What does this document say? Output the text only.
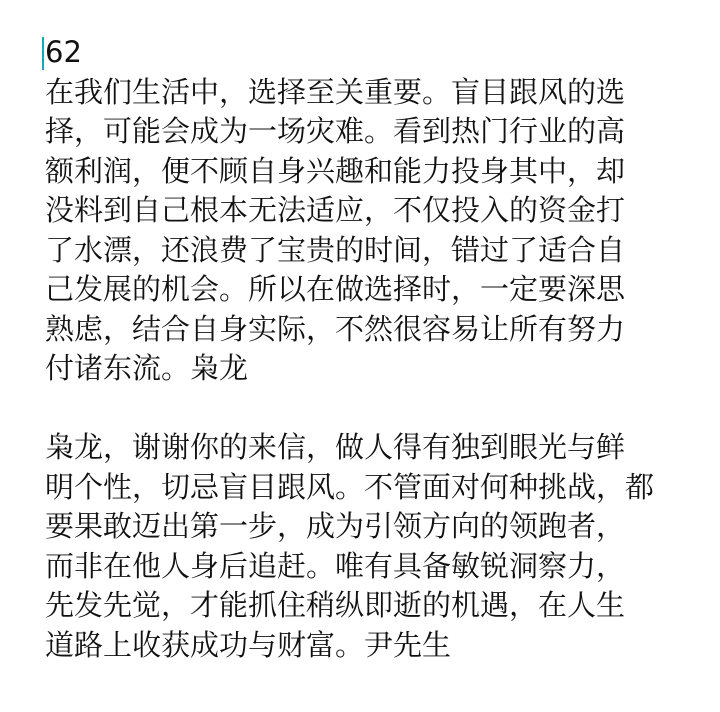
62
在我们生活中，选择至关重要。盲目跟风的选
择，可能会成为一场灾难。看到热门行业的高
额利润，便不顾自身兴趣和能力投身其中，却
没料到自己根本无法适应，不仅投入的资金打
了水漂，还浪费了宝贵的时间，错过了适合自
己发展的机会。所以在做选择时，一定要深思
熟虑，结合自身实际，不然很容易让所有努力
付诸东流。枭龙
枭龙，谢谢你的来信，做人得有独到眼光与鲜
明个性，切忌盲目跟风。不管面对何种挑战，都
要果敢迈出第一步，成为引领方向的领跑者，
而非在他人身后追赶。唯有具备敏锐洞察力，
先发先觉，才能抓住稍纵即逝的机遇，在人生
道路上收获成功与财富。尹先生
